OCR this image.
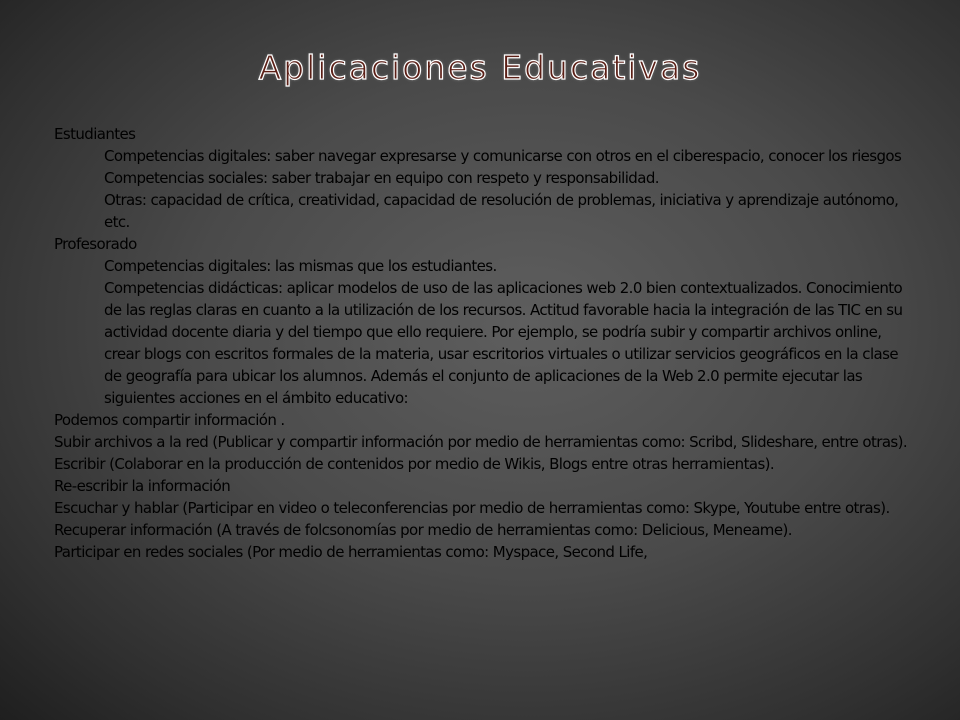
Aplicaciones Educativas

Estudiantes

Competencias digitales: saber navegar expresarse y comunicarse con otros en el ciberespacio, conocer los riesgos

Competencias sociales: saber trabajar en equipo con respeto y responsabilidad.

Otras: capacidad de crítica, creatividad, capacidad de resolución de problemas, iniciativa y aprendizaje autónomo, etc.

Profesorado

Competencias digitales: las mismas que los estudiantes.

Competencias didácticas: aplicar modelos de uso de las aplicaciones web 2.0 bien contextualizados. Conocimiento de las reglas claras en cuanto a la utilización de los recursos. Actitud favorable hacia la integración de las TIC en su actividad docente diaria y del tiempo que ello requiere. Por ejemplo, se podría subir y compartir archivos online, crear blogs con escritos formales de la materia, usar escritorios virtuales o utilizar servicios geográficos en la clase de geografía para ubicar los alumnos. Además el conjunto de aplicaciones de la Web 2.0 permite ejecutar las siguientes acciones en el ámbito educativo:

Podemos compartir información .

Subir archivos a la red (Publicar y compartir información por medio de herramientas como: Scribd, Slideshare, entre otras).

Escribir (Colaborar en la producción de contenidos por medio de Wikis, Blogs entre otras herramientas).

Re-escribir la información

Escuchar y hablar (Participar en video o teleconferencias por medio de herramientas como: Skype, Youtube entre otras).

Recuperar información (A través de folcsonomías por medio de herramientas como: Delicious, Meneame).

Participar en redes sociales (Por medio de herramientas como: Myspace, Second Life,
